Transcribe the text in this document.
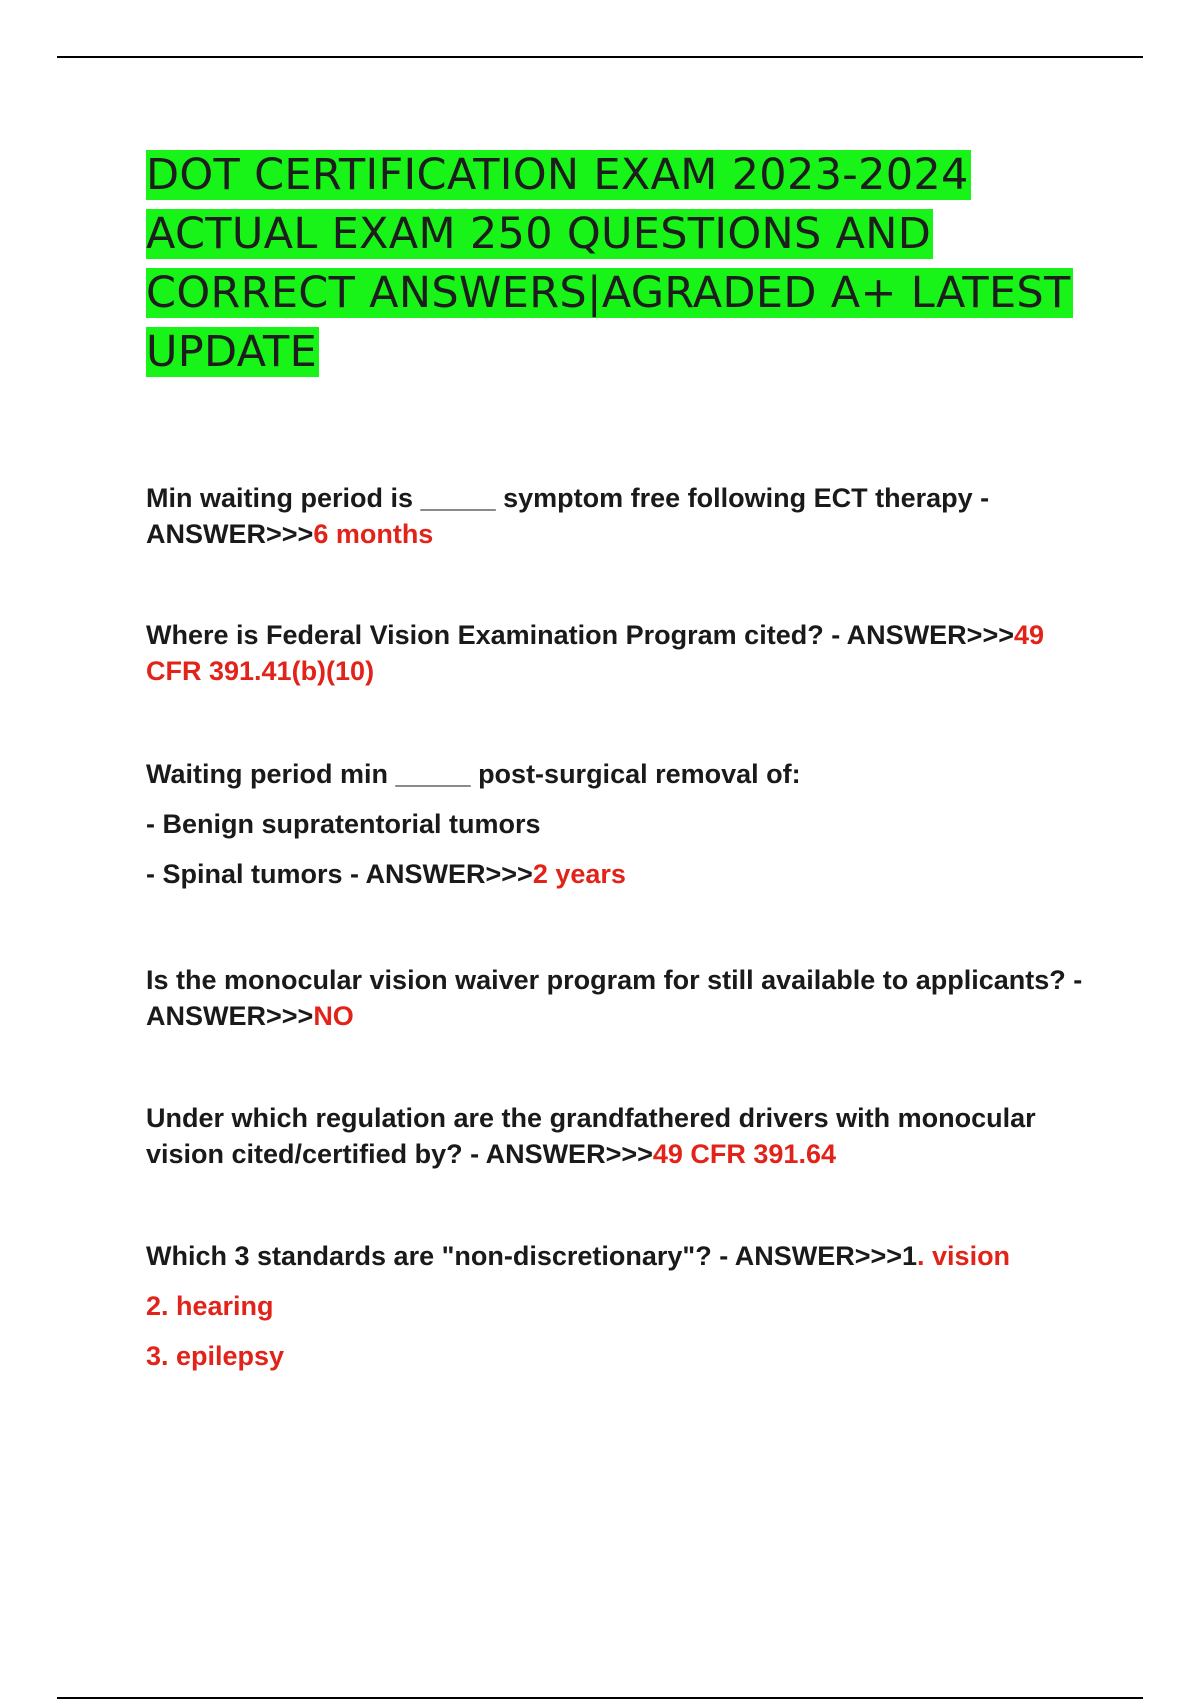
DOT CERTIFICATION EXAM 2023-2024 ACTUAL EXAM 250 QUESTIONS AND CORRECT ANSWERS|AGRADED A+ LATEST UPDATE

Min waiting period is _____ symptom free following ECT therapy - ANSWER>>>6 months

Where is Federal Vision Examination Program cited? - ANSWER>>>49 CFR 391.41(b)(10)

Waiting period min _____ post-surgical removal of:

- Benign supratentorial tumors

- Spinal tumors - ANSWER>>>2 years

Is the monocular vision waiver program for still available to applicants? - ANSWER>>>NO

Under which regulation are the grandfathered drivers with monocular vision cited/certified by? - ANSWER>>>49 CFR 391.64

Which 3 standards are "non-discretionary"? - ANSWER>>>1. vision

2. hearing

3. epilepsy
